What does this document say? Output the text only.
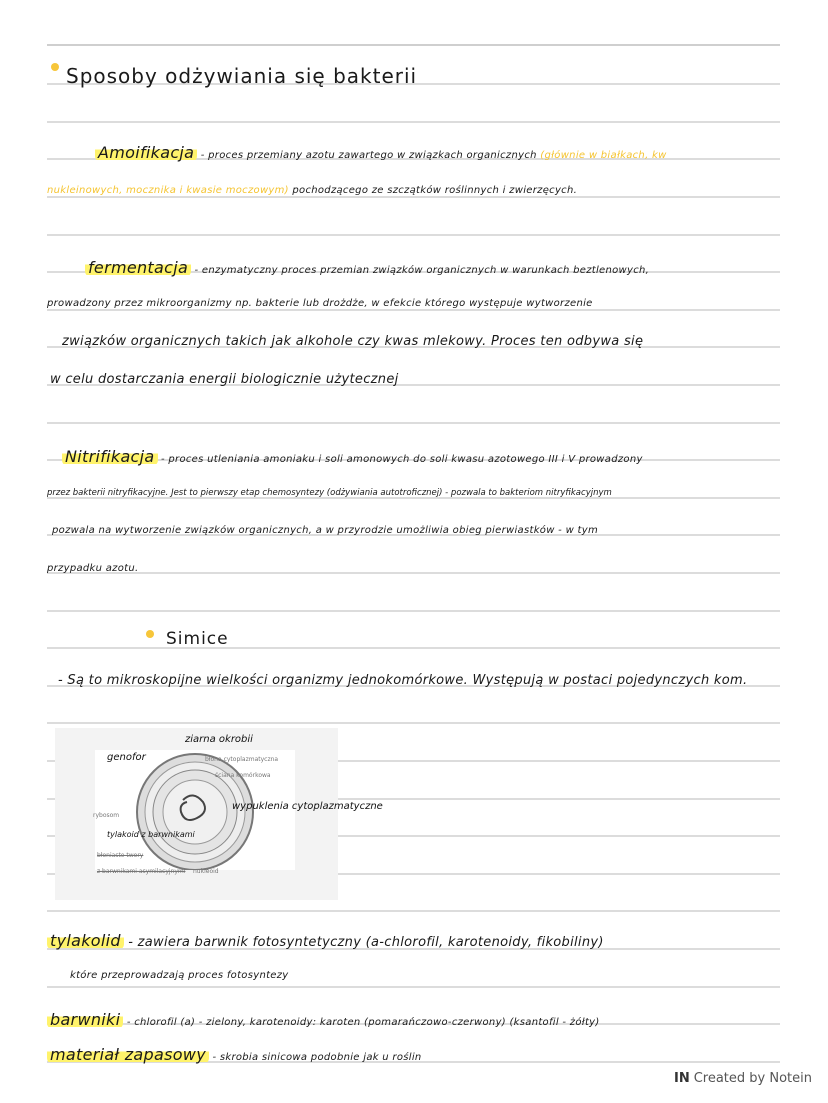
Sposoby odżywiania się bakterii
Amoifikacja - proces przemiany azotu zawartego w związkach organicznych (głównie w białkach, kw
nukleinowych, mocznika i kwasie moczowym) pochodzącego ze szczątków roślinnych i zwierzęcych.
fermentacja - enzymatyczny proces przemian związków organicznych w warunkach beztlenowych,
prowadzony przez mikroorganizmy np. bakterie lub drożdże, w efekcie którego występuje wytworzenie
związków organicznych takich jak alkohole czy kwas mlekowy. Proces ten odbywa się
w celu dostarczania energii biologicznie użytecznej
Nitrifikacja - proces utleniania amoniaku i soli amonowych do soli kwasu azotowego III i V prowadzony
przez bakterii nitryfikacyjne. Jest to pierwszy etap chemosyntezy (odżywiania autotroficznej) - pozwala to bakteriom nitryfikacyjnym
pozwala na wytworzenie związków organicznych, a w przyrodzie umożliwia obieg pierwiastków - w tym
przypadku azotu.
Simice
- Są to mikroskopijne wielkości organizmy jednokomórkowe. Występują w postaci pojedynczych kom.
błona cytoplazmatyczna
ściana komórkowa
rybosom
nukleoid
błoniaste twory
z barwnikami asymilacyjnymi
ziarna okrobii
genofor
tylakoid z barwnikami
wypuklenia cytoplazmatyczne
tylakolid - zawiera barwnik fotosyntetyczny (a-chlorofil, karotenoidy, fikobiliny)
które przeprowadzają proces fotosyntezy
barwniki - chlorofil (a) - zielony, karotenoidy: karoten (pomarańczowo-czerwony) (ksantofil - żółty)
materiał zapasowy - skrobia sinicowa podobnie jak u roślin
IN Created by Notein
